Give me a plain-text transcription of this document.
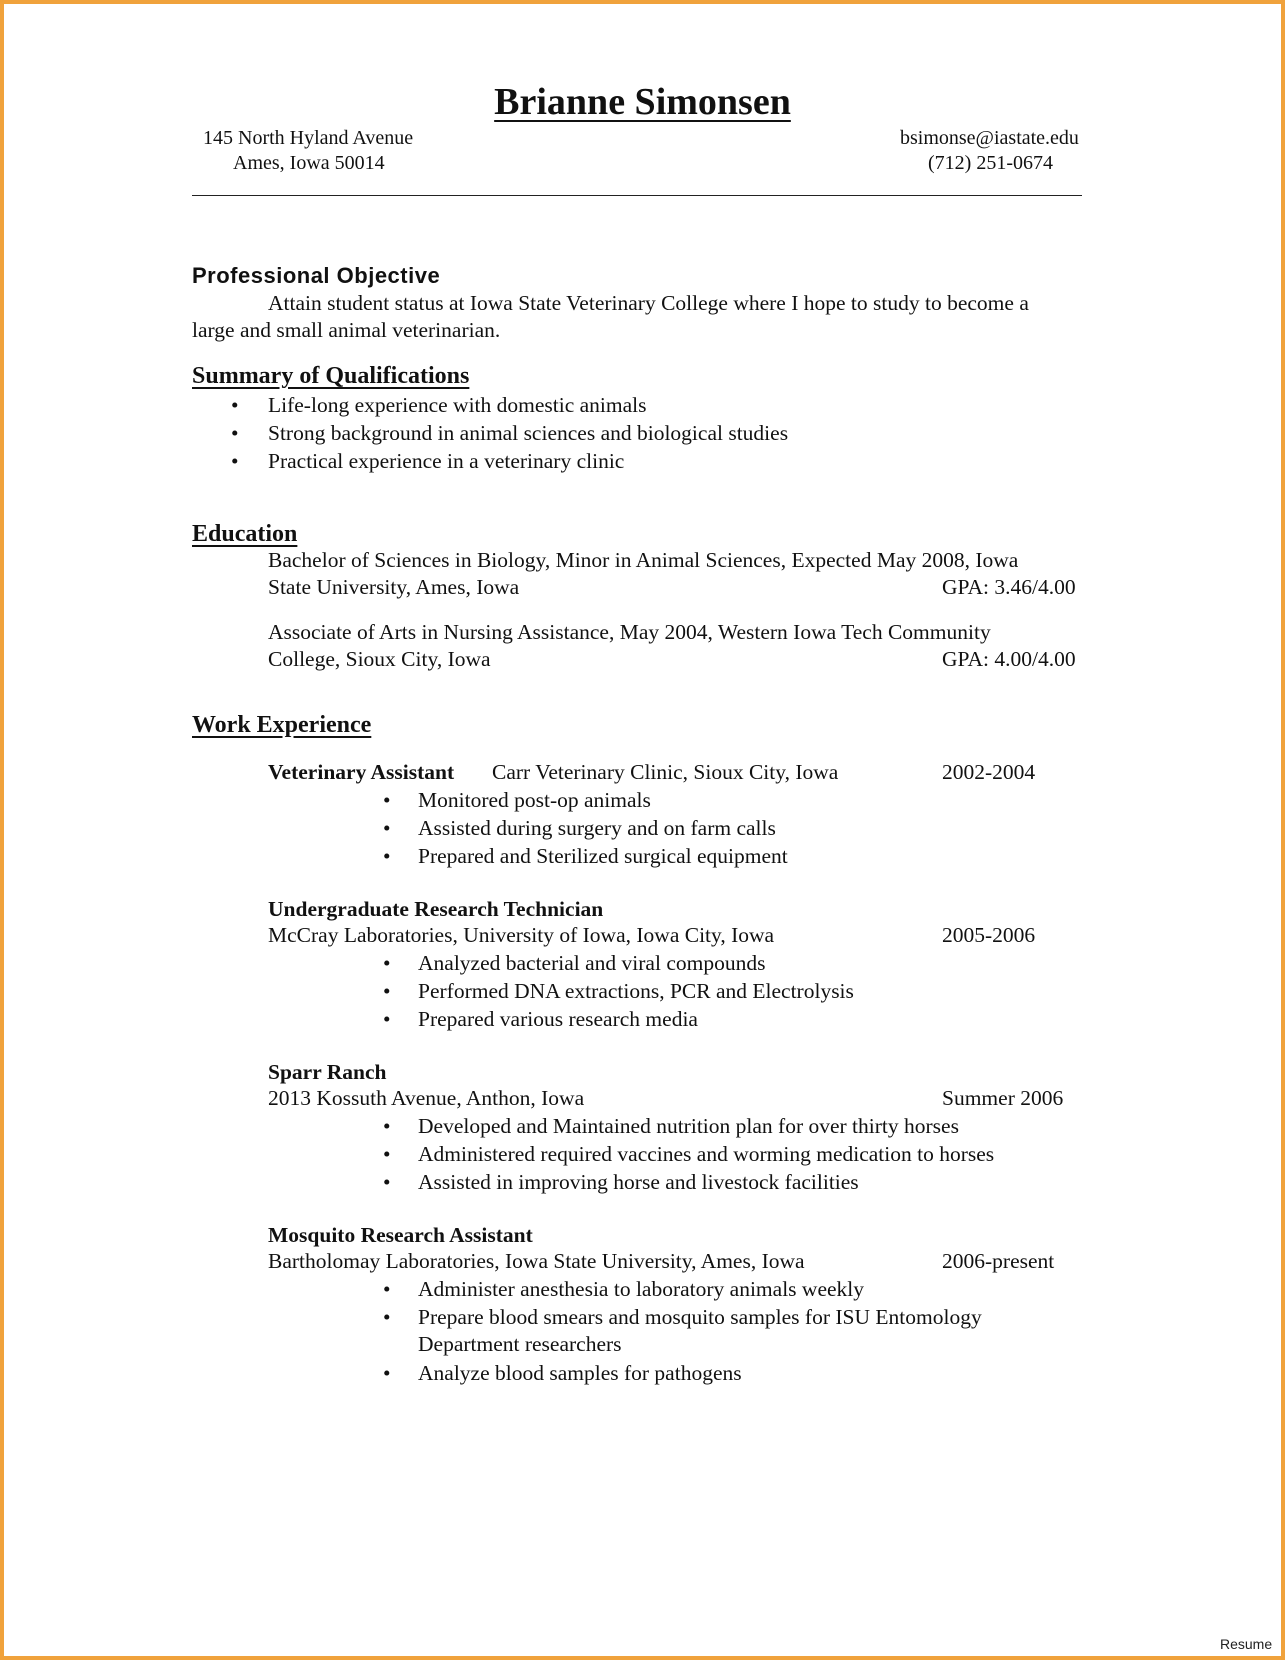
Brianne Simonsen
145 North Hyland Avenue
Ames, Iowa 50014
bsimonse@iastate.edu
(712) 251-0674
Professional Objective
Attain student status at Iowa State Veterinary College where I hope to study to become a
large and small animal veterinarian.
Summary of Qualifications
• Life-long experience with domestic animals
• Strong background in animal sciences and biological studies
• Practical experience in a veterinary clinic
Education
Bachelor of Sciences in Biology, Minor in Animal Sciences, Expected May 2008, Iowa
State University, Ames, Iowa	GPA: 3.46/4.00
Associate of Arts in Nursing Assistance, May 2004, Western Iowa Tech Community
College, Sioux City, Iowa	GPA: 4.00/4.00
Work Experience
Veterinary Assistant Carr Veterinary Clinic, Sioux City, Iowa	2002-2004
• Monitored post-op animals
• Assisted during surgery and on farm calls
• Prepared and Sterilized surgical equipment
Undergraduate Research Technician
McCray Laboratories, University of Iowa, Iowa City, Iowa	2005-2006
• Analyzed bacterial and viral compounds
• Performed DNA extractions, PCR and Electrolysis
• Prepared various research media
Sparr Ranch
2013 Kossuth Avenue, Anthon, Iowa	Summer 2006
• Developed and Maintained nutrition plan for over thirty horses
• Administered required vaccines and worming medication to horses
• Assisted in improving horse and livestock facilities
Mosquito Research Assistant
Bartholomay Laboratories, Iowa State University, Ames, Iowa	2006-present
• Administer anesthesia to laboratory animals weekly
• Prepare blood smears and mosquito samples for ISU Entomology
Department researchers
• Analyze blood samples for pathogens
Resume
